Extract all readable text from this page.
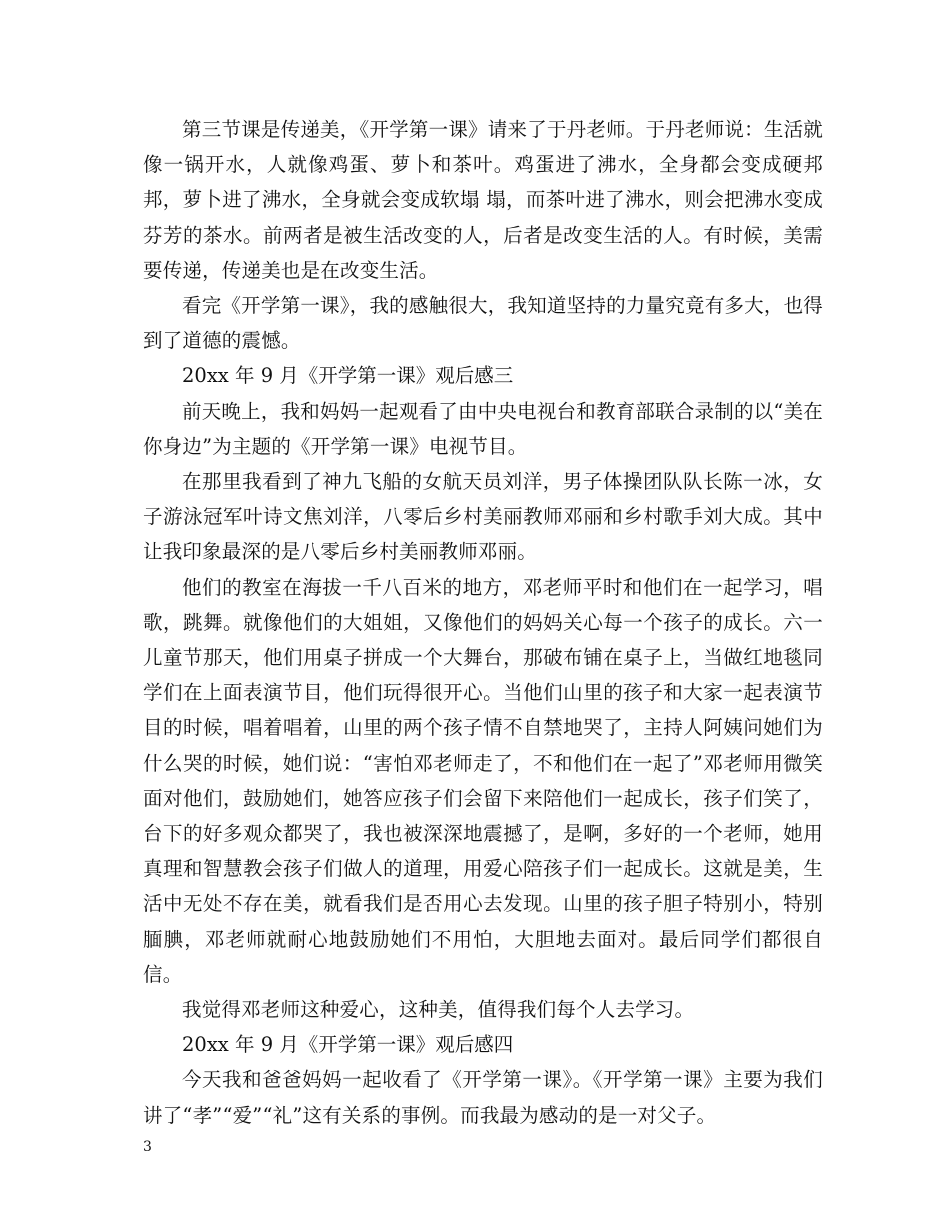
第三节课是传递美，《开学第一课》请来了于丹老师。于丹老师说：生活就像一锅开水，人就像鸡蛋、萝卜和茶叶。鸡蛋进了沸水，全身都会变成硬邦邦，萝卜进了沸水，全身就会变成软塌 塌，而茶叶进了沸水，则会把沸水变成芬芳的茶水。前两者是被生活改变的人，后者是改变生活的人。有时候，美需要传递，传递美也是在改变生活。

看完《开学第一课》，我的感触很大，我知道坚持的力量究竟有多大，也得到了道德的震憾。

20xx 年 9 月《开学第一课》观后感三

前天晚上，我和妈妈一起观看了由中央电视台和教育部联合录制的以“美在你身边”为主题的《开学第一课》电视节目。

在那里我看到了神九飞船的女航天员刘洋，男子体操团队队长陈一冰，女子游泳冠军叶诗文焦刘洋，八零后乡村美丽教师邓丽和乡村歌手刘大成。其中让我印象最深的是八零后乡村美丽教师邓丽。

他们的教室在海拔一千八百米的地方，邓老师平时和他们在一起学习，唱歌，跳舞。就像他们的大姐姐，又像他们的妈妈关心每一个孩子的成长。六一儿童节那天，他们用桌子拼成一个大舞台，那破布铺在桌子上，当做红地毯同学们在上面表演节目，他们玩得很开心。当他们山里的孩子和大家一起表演节目的时候，唱着唱着，山里的两个孩子情不自禁地哭了，主持人阿姨问她们为什么哭的时候，她们说：“害怕邓老师走了，不和他们在一起了”邓老师用微笑面对他们，鼓励她们，她答应孩子们会留下来陪他们一起成长，孩子们笑了，台下的好多观众都哭了，我也被深深地震撼了，是啊，多好的一个老师，她用真理和智慧教会孩子们做人的道理，用爱心陪孩子们一起成长。这就是美，生活中无处不存在美，就看我们是否用心去发现。山里的孩子胆子特别小，特别腼腆，邓老师就耐心地鼓励她们不用怕，大胆地去面对。最后同学们都很自信。

我觉得邓老师这种爱心，这种美，值得我们每个人去学习。

20xx 年 9 月《开学第一课》观后感四

今天我和爸爸妈妈一起收看了《开学第一课》。《开学第一课》主要为我们讲了“孝”“爱”“礼”这有关系的事例。而我最为感动的是一对父子。

3
